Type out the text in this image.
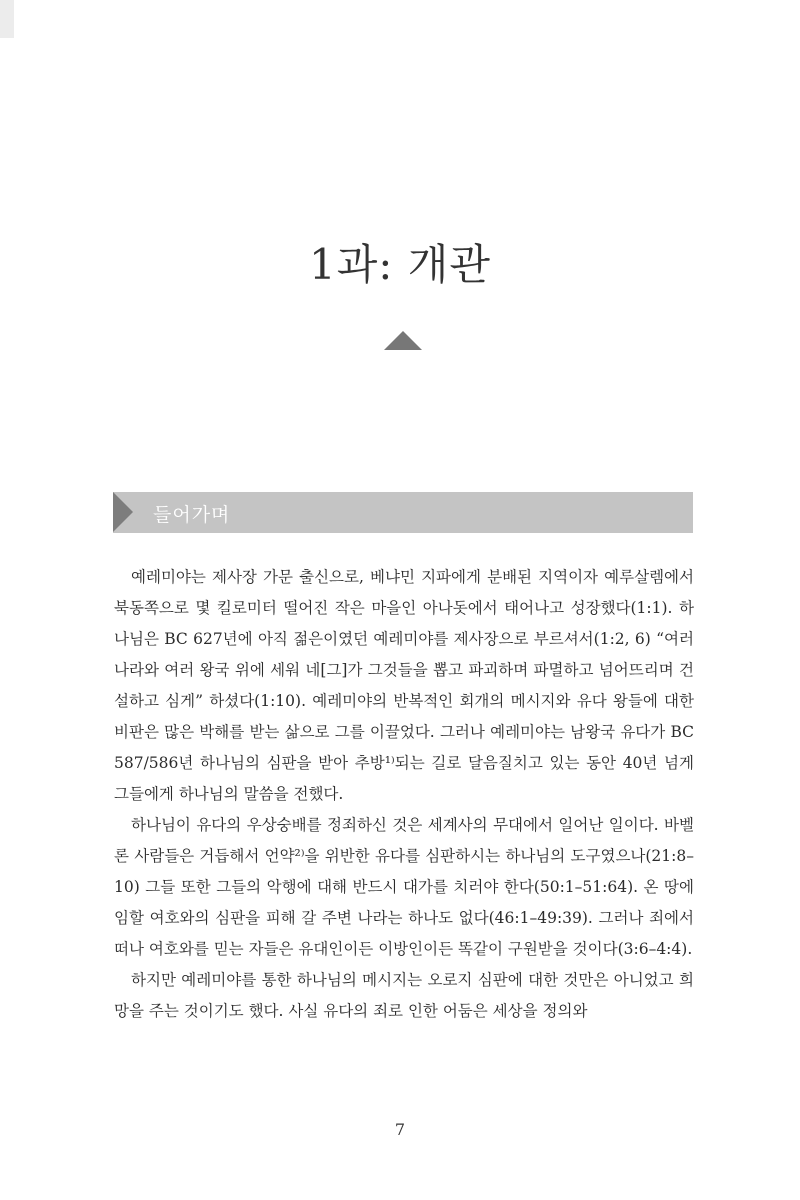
1과: 개관
들어가며

예레미야는 제사장 가문 출신으로, 베냐민 지파에게 분배된 지역이자 예루살렘에서 북동쪽으로 몇 킬로미터 떨어진 작은 마을인 아나돗에서 태어나고 성장했다(1:1). 하나님은 BC 627년에 아직 젊은이였던 예레미야를 제사장으로 부르셔서(1:2, 6) “여러 나라와 여러 왕국 위에 세워 네[그]가 그것들을 뽑고 파괴하며 파멸하고 넘어뜨리며 건설하고 심게” 하셨다(1:10). 예레미야의 반복적인 회개의 메시지와 유다 왕들에 대한 비판은 많은 박해를 받는 삶으로 그를 이끌었다. 그러나 예레미야는 남왕국 유다가 BC 587/586년 하나님의 심판을 받아 추방¹⁾되는 길로 달음질치고 있는 동안 40년 넘게 그들에게 하나님의 말씀을 전했다.

하나님이 유다의 우상숭배를 정죄하신 것은 세계사의 무대에서 일어난 일이다. 바벨론 사람들은 거듭해서 언약²⁾을 위반한 유다를 심판하시는 하나님의 도구였으나(21:8–10) 그들 또한 그들의 악행에 대해 반드시 대가를 치러야 한다(50:1–51:64). 온 땅에 임할 여호와의 심판을 피해 갈 주변 나라는 하나도 없다(46:1–49:39). 그러나 죄에서 떠나 여호와를 믿는 자들은 유대인이든 이방인이든 똑같이 구원받을 것이다(3:6–4:4).

하지만 예레미야를 통한 하나님의 메시지는 오로지 심판에 대한 것만은 아니었고 희망을 주는 것이기도 했다. 사실 유다의 죄로 인한 어둠은 세상을 정의와

7
